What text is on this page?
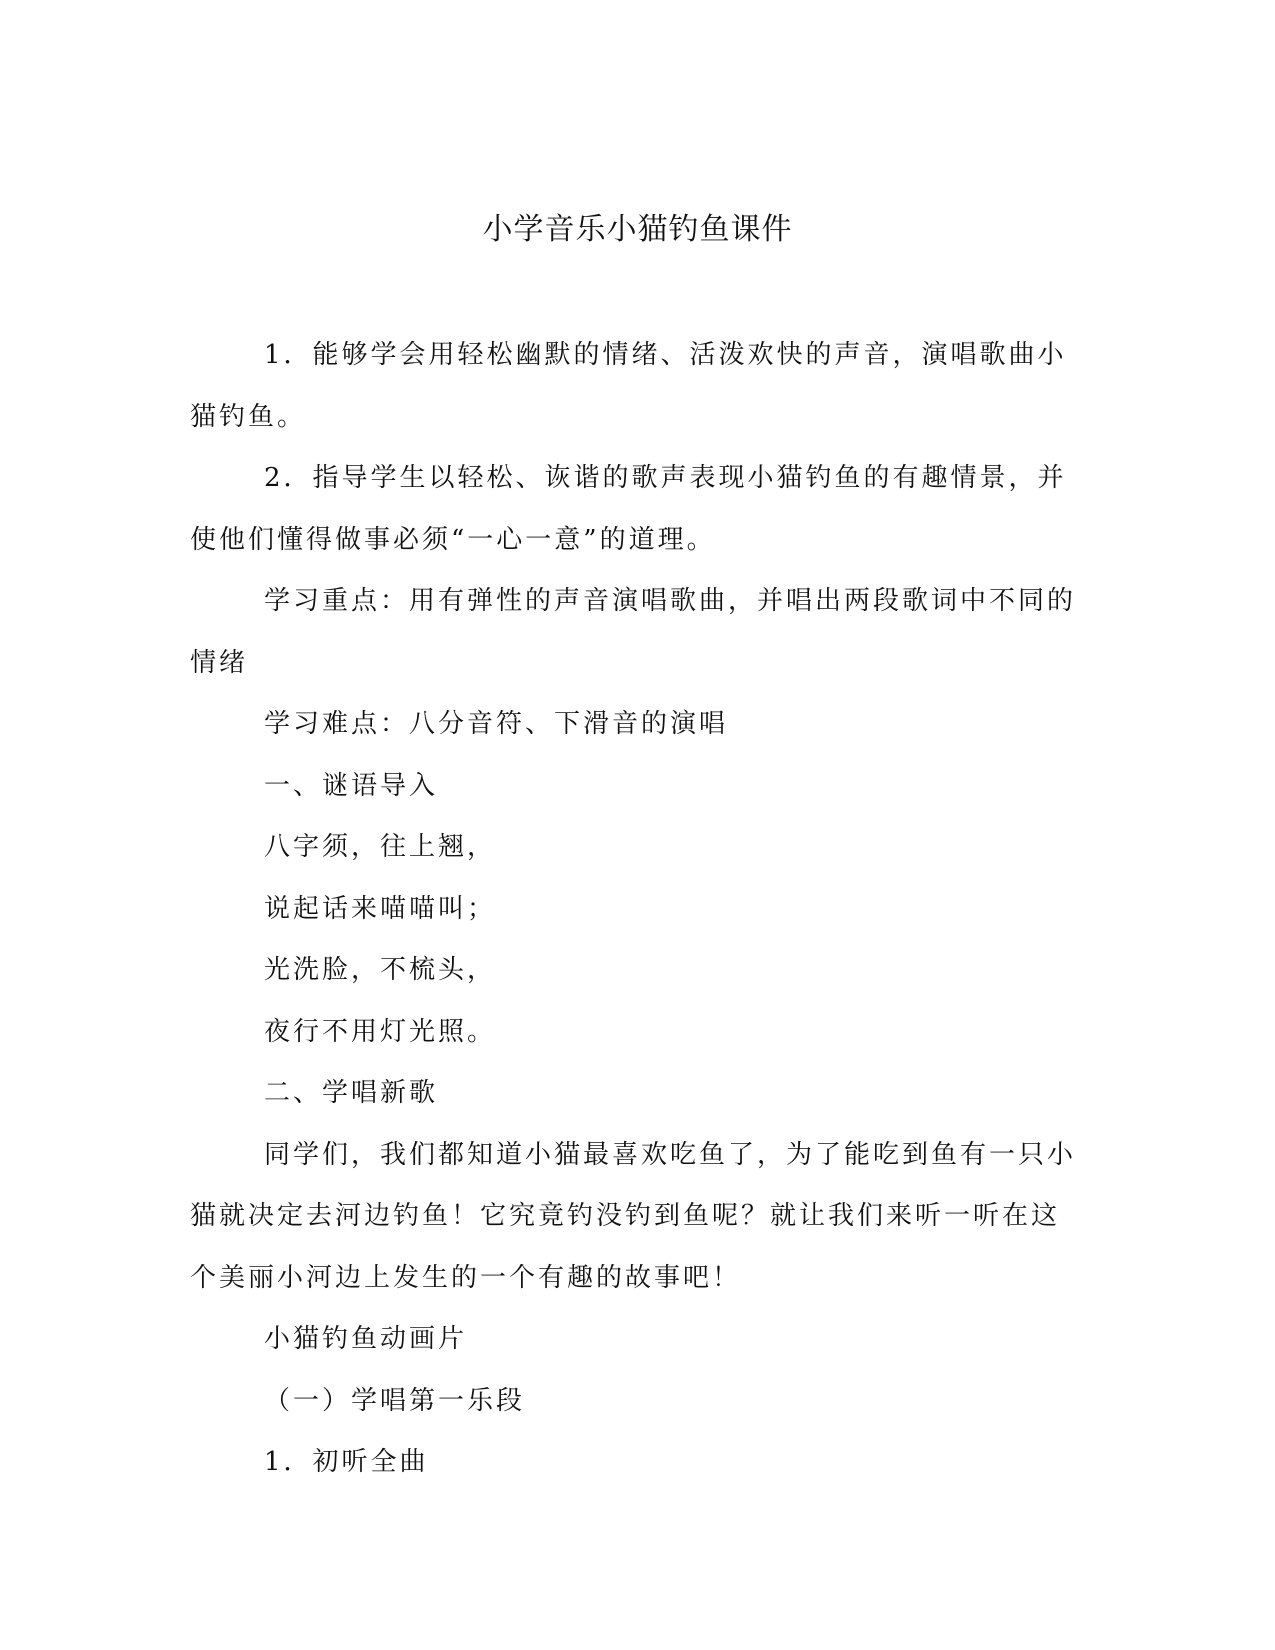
小学音乐小猫钓鱼课件

1．能够学会用轻松幽默的情绪、活泼欢快的声音，演唱歌曲小猫钓鱼。

2．指导学生以轻松、诙谐的歌声表现小猫钓鱼的有趣情景，并使他们懂得做事必须“一心一意”的道理。

学习重点：用有弹性的声音演唱歌曲，并唱出两段歌词中不同的情绪

学习难点：八分音符、下滑音的演唱

一、谜语导入

八字须，往上翘，

说起话来喵喵叫；

光洗脸，不梳头，

夜行不用灯光照。

二、学唱新歌

同学们，我们都知道小猫最喜欢吃鱼了，为了能吃到鱼有一只小猫就决定去河边钓鱼！它究竟钓没钓到鱼呢？就让我们来听一听在这个美丽小河边上发生的一个有趣的故事吧！

小猫钓鱼动画片

（一）学唱第一乐段

1．初听全曲
